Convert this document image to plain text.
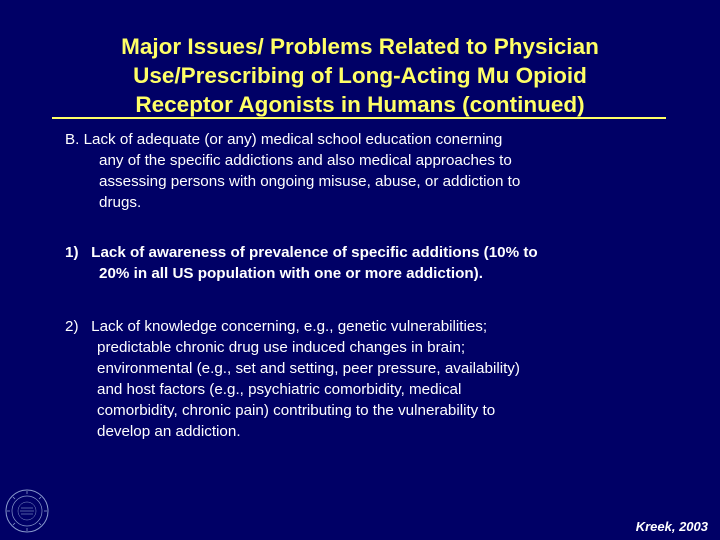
Major Issues/ Problems Related to Physician
Use/Prescribing of Long-Acting Mu Opioid
Receptor Agonists in Humans (continued)
B. Lack of adequate (or any) medical school education conerning
any of the specific addictions and also medical approaches to
assessing persons with ongoing misuse, abuse, or addiction to
drugs.
1)   Lack of awareness of prevalence of specific additions (10% to
20% in all US population with one or more addiction).
2)   Lack of knowledge concerning, e.g., genetic vulnerabilities;
predictable chronic drug use induced changes in brain;
environmental (e.g., set and setting, peer pressure, availability)
and host factors (e.g., psychiatric comorbidity, medical
comorbidity, chronic pain) contributing to the vulnerability to
develop an addiction.
Kreek, 2003
